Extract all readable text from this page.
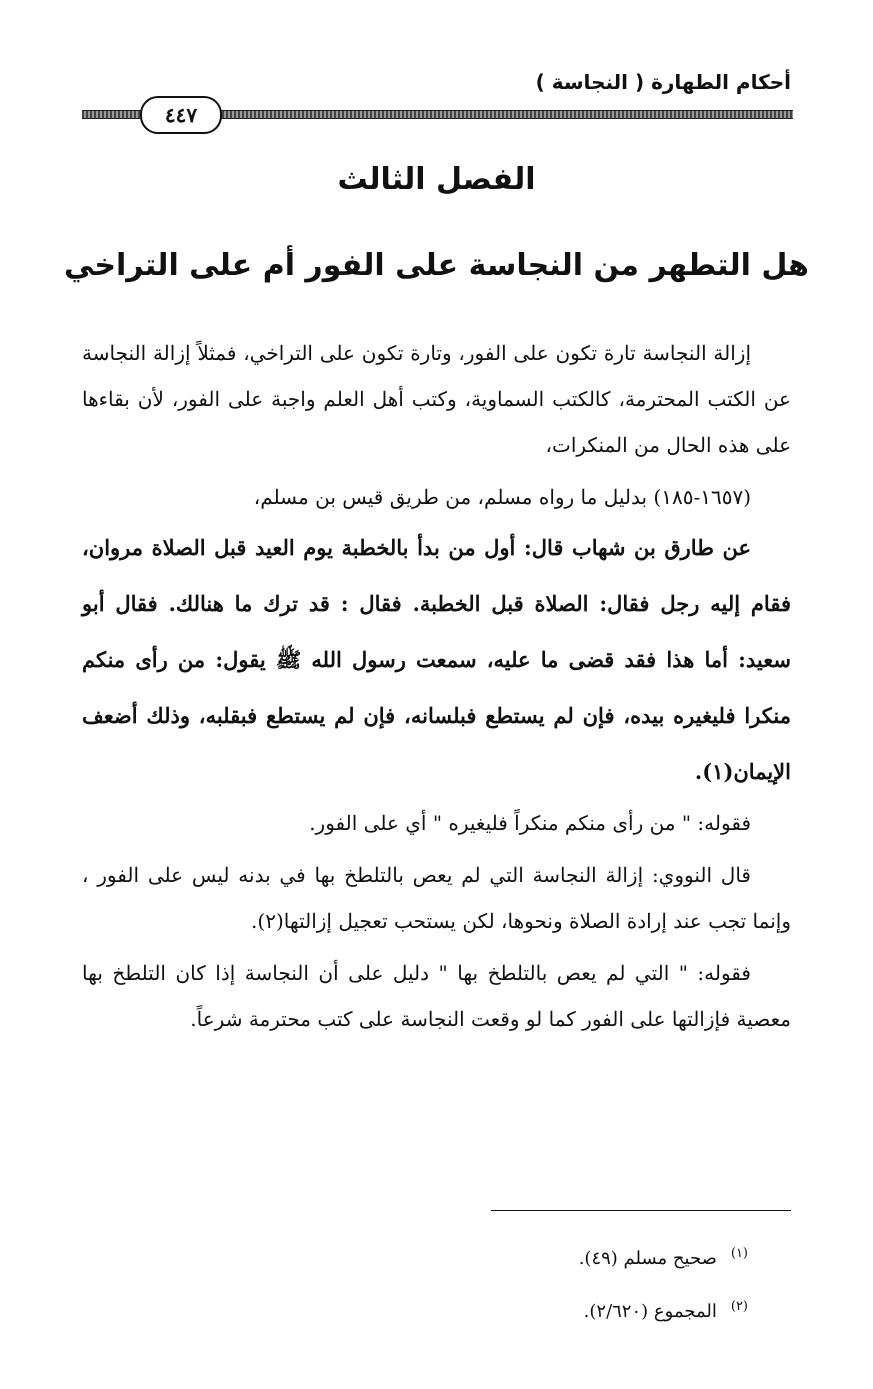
أحكام الطهارة ( النجاسة )
٤٤٧
الفصل الثالث
هل التطهر من النجاسة على الفور أم على التراخي

إزالة النجاسة تارة تكون على الفور، وتارة تكون على التراخي، فمثلاً إزالة النجاسة عن الكتب المحترمة، كالكتب السماوية، وكتب أهل العلم واجبة على الفور، لأن بقاءها على هذه الحال من المنكرات،

(١٦٥٧-١٨٥) بدليل ما رواه مسلم، من طريق قيس بن مسلم،

عن طارق بن شهاب قال: أول من بدأ بالخطبة يوم العيد قبل الصلاة مروان، فقام إليه رجل فقال: الصلاة قبل الخطبة. فقال : قد ترك ما هنالك. فقال أبو سعيد: أما هذا فقد قضى ما عليه، سمعت رسول الله ﷺ يقول: من رأى منكم منكرا فليغيره بيده، فإن لم يستطع فبلسانه، فإن لم يستطع فبقلبه، وذلك أضعف الإيمان(١).

فقوله: " من رأى منكم منكراً فليغيره " أي على الفور.

قال النووي: إزالة النجاسة التي لم يعص بالتلطخ بها في بدنه ليس على الفور ، وإنما تجب عند إرادة الصلاة ونحوها، لكن يستحب تعجيل إزالتها(٢).

فقوله: " التي لم يعص بالتلطخ بها " دليل على أن النجاسة إذا كان التلطخ بها معصية فإزالتها على الفور كما لو وقعت النجاسة على كتب محترمة شرعاً.

$^{(١)}$صحيح مسلم (٤٩).

$^{(٢)}$المجموع (٢/٦٢٠).
